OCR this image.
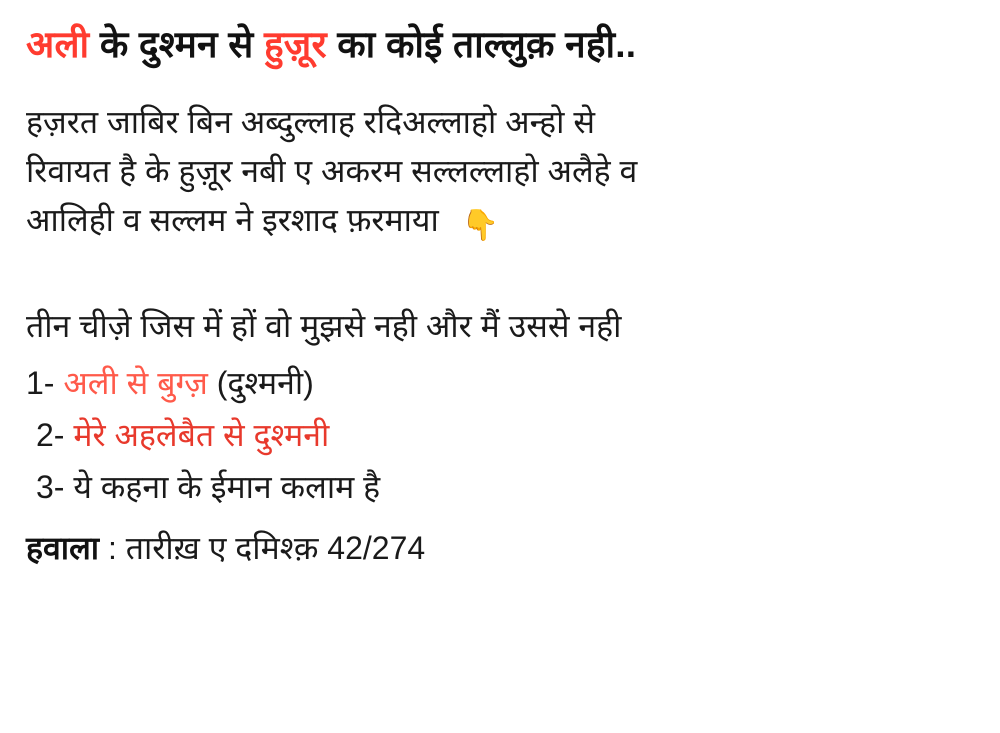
अली के दुश्मन से हुज़ूर का कोई ताल्लुक़ नही..
हज़रत जाबिर बिन अब्दुल्लाह रदिअल्लाहो अन्हो से
रिवायत है के हुज़ूर नबी ए अकरम सल्लल्लाहो अलैहे व
आलिही व सल्लम ने इरशाद फ़रमाया 👇
तीन चीज़े जिस में हों वो मुझसे नही और मैं उससे नही
1- अली से बुग्ज़ (दुश्मनी)
2- मेरे अहलेबैत से दुश्मनी
3- ये कहना के ईमान कलाम है
हवाला : तारीख़ ए दमिश्क़ 42/274
